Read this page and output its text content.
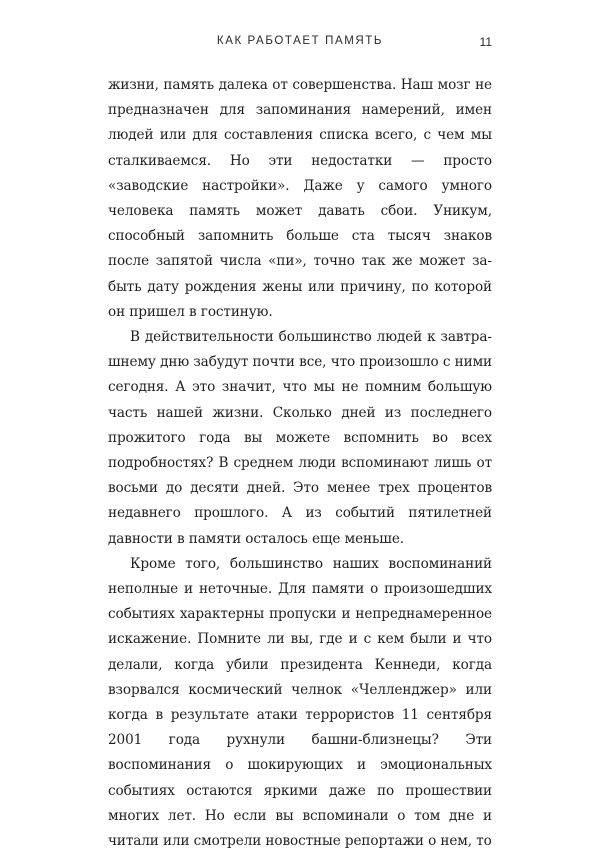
КАК РАБОТАЕТ ПАМЯТЬ	11

жизни, память далека от совершенства. Наш мозг не предназначен для запоминания намерений, имен людей или для составления списка всего, с чем мы сталкиваемся. Но эти недостатки — просто «заводские настройки». Даже у самого умного человека память может давать сбои. Уникум, способный запомнить больше ста тысяч знаков после запятой числа «пи», точно так же может забыть дату рождения жены или причину, по которой он пришел в гостиную.

В действительности большинство людей к завтрашнему дню забудут почти все, что произошло с ними сегодня. А это значит, что мы не помним большую часть нашей жизни. Сколько дней из последнего прожитого года вы можете вспомнить во всех подробностях? В среднем люди вспоминают лишь от восьми до десяти дней. Это менее трех процентов недавнего прошлого. А из событий пятилетней давности в памяти осталось еще меньше.

Кроме того, большинство наших воспоминаний неполные и неточные. Для памяти о произошедших событиях характерны пропуски и непреднамеренное искажение. Помните ли вы, где и с кем были и что делали, когда убили президента Кеннеди, когда взорвался космический челнок «Челленджер» или когда в результате атаки террористов 11 сентября 2001 года рухнули башни-близнецы? Эти воспоминания о шокирующих и эмоциональных событиях остаются яркими даже по прошествии многих лет. Но если вы вспоминали о том дне и читали или смотрели новостные репортажи о нем, то
